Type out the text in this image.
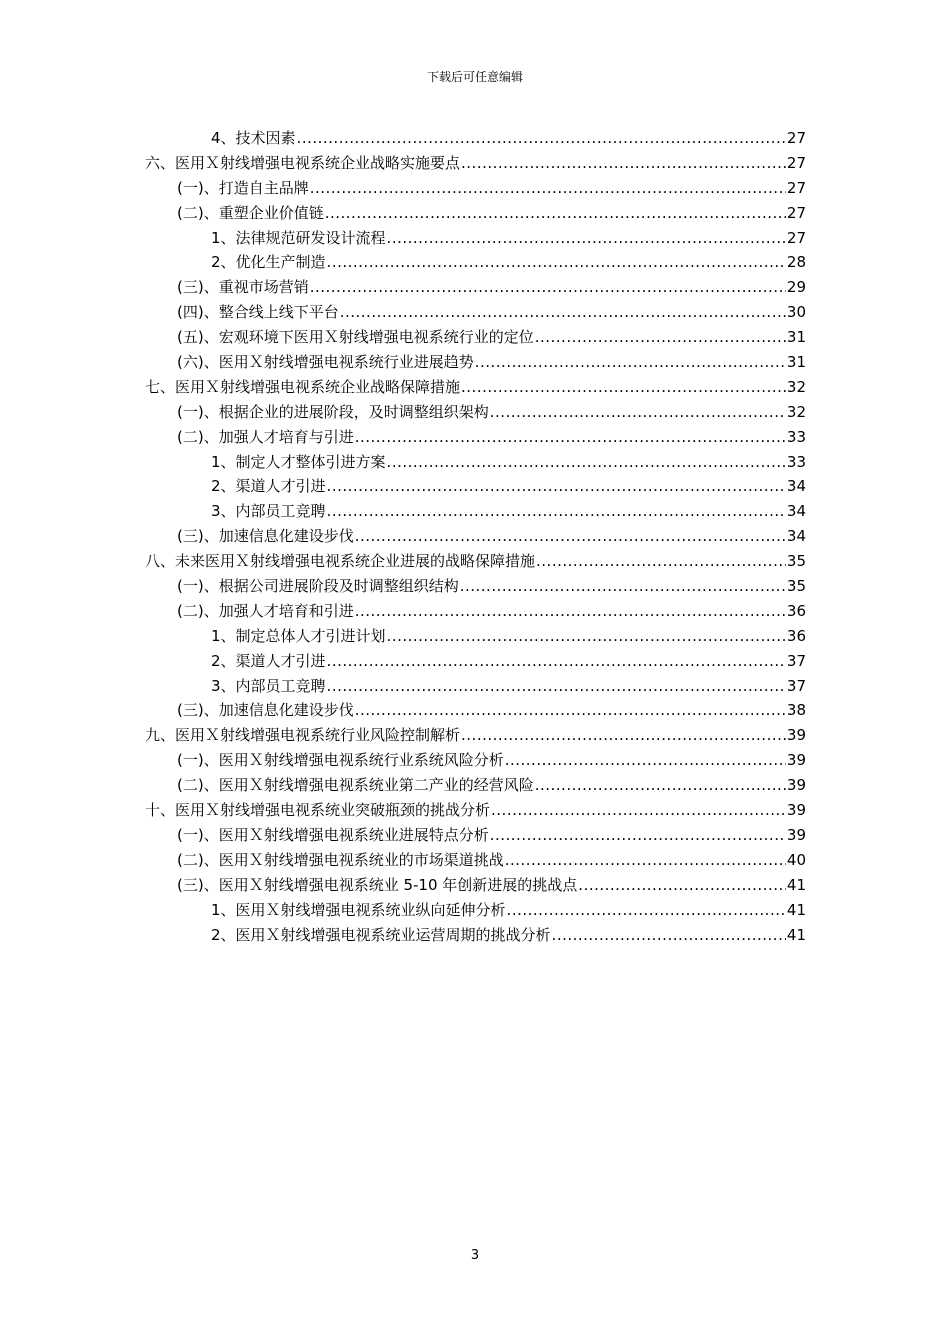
下载后可任意编辑
4、技术因素 .....	27
六、医用Ｘ射线增强电视系统企业战略实施要点 .....	27
(一)、打造自主品牌 .....	27
(二)、重塑企业价值链 .....	27
1、法律规范研发设计流程 .....	27
2、优化生产制造 .....	28
(三)、重视市场营销 .....	29
(四)、整合线上线下平台 .....	30
(五)、宏观环境下医用Ｘ射线增强电视系统行业的定位 .....	31
(六)、医用Ｘ射线增强电视系统行业进展趋势 .....	31
七、医用Ｘ射线增强电视系统企业战略保障措施 .....	32
(一)、根据企业的进展阶段，及时调整组织架构 .....	32
(二)、加强人才培育与引进 .....	33
1、制定人才整体引进方案 .....	33
2、渠道人才引进 .....	34
3、内部员工竞聘 .....	34
(三)、加速信息化建设步伐 .....	34
八、未来医用Ｘ射线增强电视系统企业进展的战略保障措施 .....	35
(一)、根据公司进展阶段及时调整组织结构 .....	35
(二)、加强人才培育和引进 .....	36
1、制定总体人才引进计划 .....	36
2、渠道人才引进 .....	37
3、内部员工竞聘 .....	37
(三)、加速信息化建设步伐 .....	38
九、医用Ｘ射线增强电视系统行业风险控制解析 .....	39
(一)、医用Ｘ射线增强电视系统行业系统风险分析 .....	39
(二)、医用Ｘ射线增强电视系统业第二产业的经营风险 .....	39
十、医用Ｘ射线增强电视系统业突破瓶颈的挑战分析 .....	39
(一)、医用Ｘ射线增强电视系统业进展特点分析 .....	39
(二)、医用Ｘ射线增强电视系统业的市场渠道挑战 .....	40
(三)、医用Ｘ射线增强电视系统业 5-10 年创新进展的挑战点 .....	41
1、医用Ｘ射线增强电视系统业纵向延伸分析 .....	41
2、医用Ｘ射线增强电视系统业运营周期的挑战分析 .....	41
3
